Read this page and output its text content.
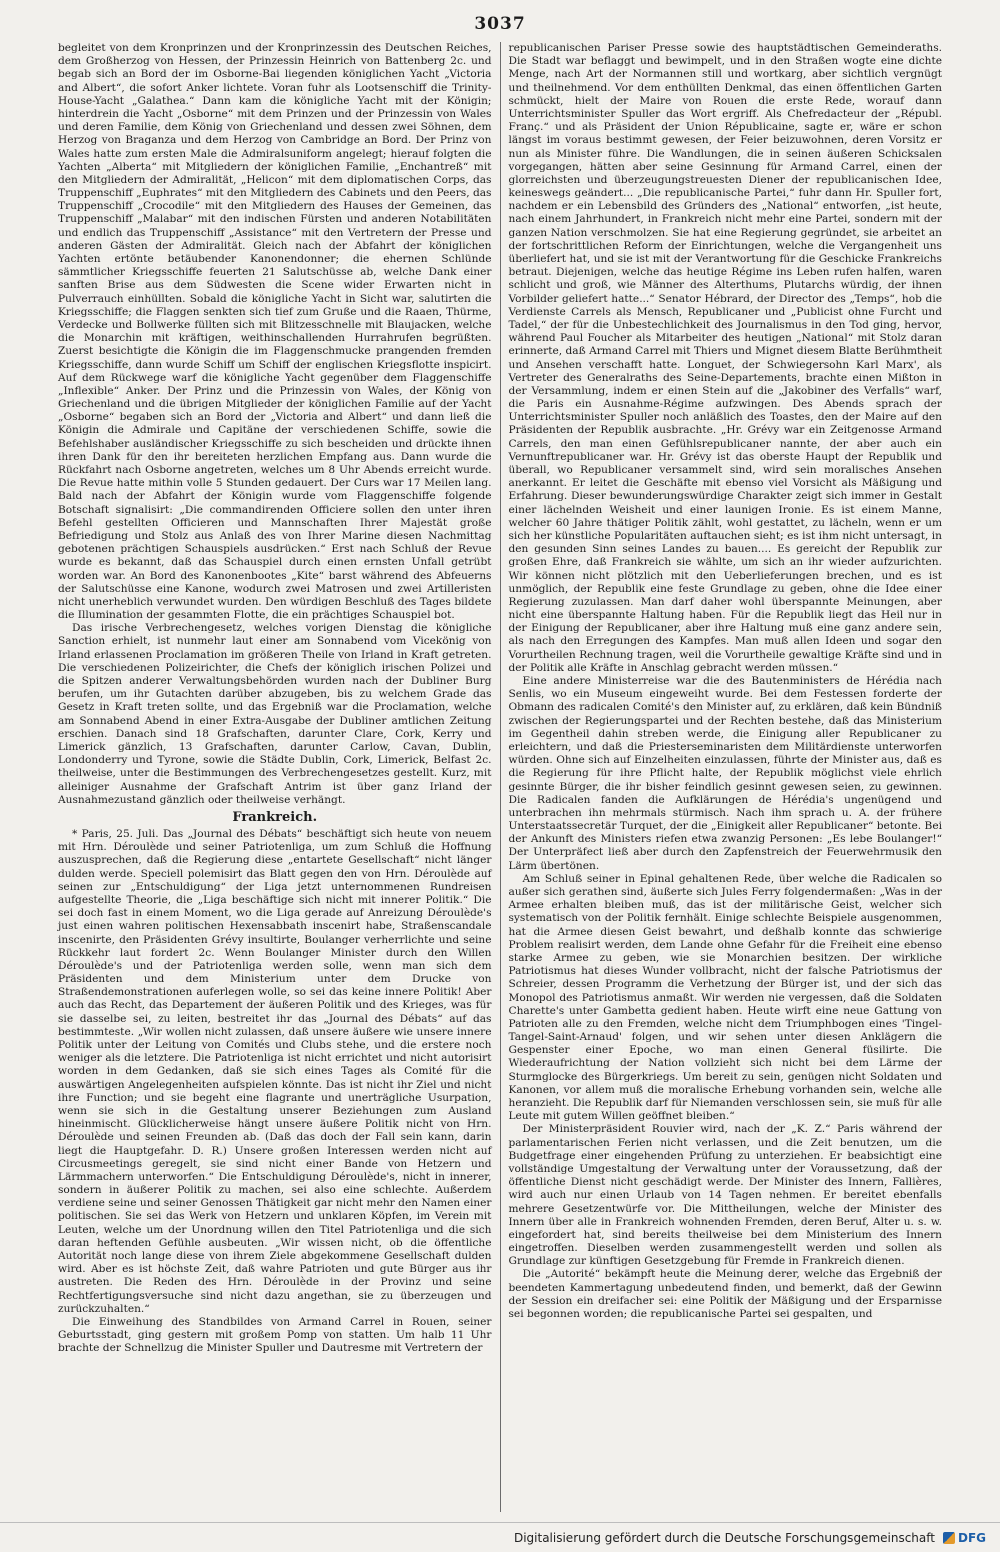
3037

begleitet von dem Kronprinzen und der Kronprinzessin des Deutschen Reiches, dem Großherzog von Hessen, der Prinzessin Heinrich von Battenberg 2c. und begab sich an Bord der im Osborne-Bai liegenden königlichen Yacht „Victoria and Albert“, die sofort Anker lichtete. Voran fuhr als Lootsenschiff die Trinity-House-Yacht „Galathea.“ Dann kam die königliche Yacht mit der Königin; hinterdrein die Yacht „Osborne“ mit dem Prinzen und der Prinzessin von Wales und deren Familie, dem König von Griechenland und dessen zwei Söhnen, dem Herzog von Braganza und dem Herzog von Cambridge an Bord. Der Prinz von Wales hatte zum ersten Male die Admiralsuniform angelegt; hierauf folgten die Yachten „Alberta“ mit Mitgliedern der königlichen Familie, „Enchantreß“ mit den Mitgliedern der Admiralität, „Helicon“ mit dem diplomatischen Corps, das Truppenschiff „Euphrates“ mit den Mitgliedern des Cabinets und den Peers, das Truppenschiff „Crocodile“ mit den Mitgliedern des Hauses der Gemeinen, das Truppenschiff „Malabar“ mit den indischen Fürsten und anderen Notabilitäten und endlich das Truppenschiff „Assistance“ mit den Vertretern der Presse und anderen Gästen der Admiralität. Gleich nach der Abfahrt der königlichen Yachten ertönte betäubender Kanonendonner; die ehernen Schlünde sämmtlicher Kriegsschiffe feuerten 21 Salutschüsse ab, welche Dank einer sanften Brise aus dem Südwesten die Scene wider Erwarten nicht in Pulverrauch einhüllten. Sobald die königliche Yacht in Sicht war, salutirten die Kriegsschiffe; die Flaggen senkten sich tief zum Gruße und die Raaen, Thürme, Verdecke und Bollwerke füllten sich mit Blitzesschnelle mit Blaujacken, welche die Monarchin mit kräftigen, weithinschallenden Hurrahrufen begrüßten. Zuerst besichtigte die Königin die im Flaggenschmucke prangenden fremden Kriegsschiffe, dann wurde Schiff um Schiff der englischen Kriegsflotte inspicirt. Auf dem Rückwege warf die königliche Yacht gegenüber dem Flaggenschiffe „Inflexible“ Anker. Der Prinz und die Prinzessin von Wales, der König von Griechenland und die übrigen Mitglieder der königlichen Familie auf der Yacht „Osborne“ begaben sich an Bord der „Victoria and Albert“ und dann ließ die Königin die Admirale und Capitäne der verschiedenen Schiffe, sowie die Befehlshaber ausländischer Kriegsschiffe zu sich bescheiden und drückte ihnen ihren Dank für den ihr bereiteten herzlichen Empfang aus. Dann wurde die Rückfahrt nach Osborne angetreten, welches um 8 Uhr Abends erreicht wurde. Die Revue hatte mithin volle 5 Stunden gedauert. Der Curs war 17 Meilen lang. Bald nach der Abfahrt der Königin wurde vom Flaggenschiffe folgende Botschaft signalisirt: „Die commandirenden Officiere sollen den unter ihren Befehl gestellten Officieren und Mannschaften Ihrer Majestät große Befriedigung und Stolz aus Anlaß des von Ihrer Marine diesen Nachmittag gebotenen prächtigen Schauspiels ausdrücken.“ Erst nach Schluß der Revue wurde es bekannt, daß das Schauspiel durch einen ernsten Unfall getrübt worden war. An Bord des Kanonenbootes „Kite“ barst während des Abfeuerns der Salutschüsse eine Kanone, wodurch zwei Matrosen und zwei Artilleristen nicht unerheblich verwundet wurden. Den würdigen Beschluß des Tages bildete die Illumination der gesammten Flotte, die ein prächtiges Schauspiel bot.

Das irische Verbrechengesetz, welches vorigen Dienstag die königliche Sanction erhielt, ist nunmehr laut einer am Sonnabend vom Vicekönig von Irland erlassenen Proclamation im größeren Theile von Irland in Kraft getreten. Die verschiedenen Polizeirichter, die Chefs der königlich irischen Polizei und die Spitzen anderer Verwaltungsbehörden wurden nach der Dubliner Burg berufen, um ihr Gutachten darüber abzugeben, bis zu welchem Grade das Gesetz in Kraft treten sollte, und das Ergebniß war die Proclamation, welche am Sonnabend Abend in einer Extra-Ausgabe der Dubliner amtlichen Zeitung erschien. Danach sind 18 Grafschaften, darunter Clare, Cork, Kerry und Limerick gänzlich, 13 Grafschaften, darunter Carlow, Cavan, Dublin, Londonderry und Tyrone, sowie die Städte Dublin, Cork, Limerick, Belfast 2c. theilweise, unter die Bestimmungen des Verbrechengesetzes gestellt. Kurz, mit alleiniger Ausnahme der Grafschaft Antrim ist über ganz Irland der Ausnahmezustand gänzlich oder theilweise verhängt.

Frankreich.

* Paris, 25. Juli. Das „Journal des Débats“ beschäftigt sich heute von neuem mit Hrn. Déroulède und seiner Patriotenliga, um zum Schluß die Hoffnung auszusprechen, daß die Regierung diese „entartete Gesellschaft“ nicht länger dulden werde. Speciell polemisirt das Blatt gegen den von Hrn. Déroulède auf seinen zur „Entschuldigung“ der Liga jetzt unternommenen Rundreisen aufgestellte Theorie, die „Liga beschäftige sich nicht mit innerer Politik.“ Die sei doch fast in einem Moment, wo die Liga gerade auf Anreizung Déroulède's just einen wahren politischen Hexensabbath inscenirt habe, Straßenscandale inscenirte, den Präsidenten Grévy insultirte, Boulanger verherrlichte und seine Rückkehr laut fordert 2c. Wenn Boulanger Minister durch den Willen Déroulède's und der Patriotenliga werden solle, wenn man sich dem Präsidenten und dem Ministerium unter dem Drucke von Straßendemonstrationen auferlegen wolle, so sei das keine innere Politik! Aber auch das Recht, das Departement der äußeren Politik und des Krieges, was für sie dasselbe sei, zu leiten, bestreitet ihr das „Journal des Débats“ auf das bestimmteste. „Wir wollen nicht zulassen, daß unsere äußere wie unsere innere Politik unter der Leitung von Comités und Clubs stehe, und die erstere noch weniger als die letztere. Die Patriotenliga ist nicht errichtet und nicht autorisirt worden in dem Gedanken, daß sie sich eines Tages als Comité für die auswärtigen Angelegenheiten aufspielen könnte. Das ist nicht ihr Ziel und nicht ihre Function; und sie begeht eine flagrante und unerträgliche Usurpation, wenn sie sich in die Gestaltung unserer Beziehungen zum Ausland hineinmischt. Glücklicherweise hängt unsere äußere Politik nicht von Hrn. Déroulède und seinen Freunden ab. (Daß das doch der Fall sein kann, darin liegt die Hauptgefahr. D. R.) Unsere großen Interessen werden nicht auf Circusmeetings geregelt, sie sind nicht einer Bande von Hetzern und Lärmmachern unterworfen.“ Die Entschuldigung Déroulède's, nicht in innerer, sondern in äußerer Politik zu machen, sei also eine schlechte. Außerdem verdiene seine und seiner Genossen Thätigkeit gar nicht mehr den Namen einer politischen. Sie sei das Werk von Hetzern und unklaren Köpfen, im Verein mit Leuten, welche um der Unordnung willen den Titel Patriotenliga und die sich daran heftenden Gefühle ausbeuten. „Wir wissen nicht, ob die öffentliche Autorität noch lange diese von ihrem Ziele abgekommene Gesellschaft dulden wird. Aber es ist höchste Zeit, daß wahre Patrioten und gute Bürger aus ihr austreten. Die Reden des Hrn. Déroulède in der Provinz und seine Rechtfertigungsversuche sind nicht dazu angethan, sie zu überzeugen und zurückzuhalten.“

Die Einweihung des Standbildes von Armand Carrel in Rouen, seiner Geburtsstadt, ging gestern mit großem Pomp von statten. Um halb 11 Uhr brachte der Schnellzug die Minister Spuller und Dautresme mit Vertretern der

republicanischen Pariser Presse sowie des hauptstädtischen Gemeinderaths. Die Stadt war beflaggt und bewimpelt, und in den Straßen wogte eine dichte Menge, nach Art der Normannen still und wortkarg, aber sichtlich vergnügt und theilnehmend. Vor dem enthüllten Denkmal, das einen öffentlichen Garten schmückt, hielt der Maire von Rouen die erste Rede, worauf dann Unterrichtsminister Spuller das Wort ergriff. Als Chefredacteur der „Républ. Franç.“ und als Präsident der Union Républicaine, sagte er, wäre er schon längst im voraus bestimmt gewesen, der Feier beizuwohnen, deren Vorsitz er nun als Minister führe. Die Wandlungen, die in seinen äußeren Schicksalen vorgegangen, hätten aber seine Gesinnung für Armand Carrel, einen der glorreichsten und überzeugungstreuesten Diener der republicanischen Idee, keineswegs geändert... „Die republicanische Partei,“ fuhr dann Hr. Spuller fort, nachdem er ein Lebensbild des Gründers des „National“ entworfen, „ist heute, nach einem Jahrhundert, in Frankreich nicht mehr eine Partei, sondern mit der ganzen Nation verschmolzen. Sie hat eine Regierung gegründet, sie arbeitet an der fortschrittlichen Reform der Einrichtungen, welche die Vergangenheit uns überliefert hat, und sie ist mit der Verantwortung für die Geschicke Frankreichs betraut. Diejenigen, welche das heutige Régime ins Leben rufen halfen, waren schlicht und groß, wie Männer des Alterthums, Plutarchs würdig, der ihnen Vorbilder geliefert hatte...“ Senator Hébrard, der Director des „Temps“, hob die Verdienste Carrels als Mensch, Republicaner und „Publicist ohne Furcht und Tadel,“ der für die Unbestechlichkeit des Journalismus in den Tod ging, hervor, während Paul Foucher als Mitarbeiter des heutigen „National“ mit Stolz daran erinnerte, daß Armand Carrel mit Thiers und Mignet diesem Blatte Berühmtheit und Ansehen verschafft hatte. Longuet, der Schwiegersohn Karl Marx', als Vertreter des Generalraths des Seine-Departements, brachte einen Mißton in der Versammlung, indem er einen Stein auf die „Jakobiner des Verfalls“ warf, die Paris ein Ausnahme-Régime aufzwingen. Des Abends sprach der Unterrichtsminister Spuller noch anläßlich des Toastes, den der Maire auf den Präsidenten der Republik ausbrachte. „Hr. Grévy war ein Zeitgenosse Armand Carrels, den man einen Gefühlsrepublicaner nannte, der aber auch ein Vernunftrepublicaner war. Hr. Grévy ist das oberste Haupt der Republik und überall, wo Republicaner versammelt sind, wird sein moralisches Ansehen anerkannt. Er leitet die Geschäfte mit ebenso viel Vorsicht als Mäßigung und Erfahrung. Dieser bewunderungswürdige Charakter zeigt sich immer in Gestalt einer lächelnden Weisheit und einer launigen Ironie. Es ist einem Manne, welcher 60 Jahre thätiger Politik zählt, wohl gestattet, zu lächeln, wenn er um sich her künstliche Popularitäten auftauchen sieht; es ist ihm nicht untersagt, in den gesunden Sinn seines Landes zu bauen.... Es gereicht der Republik zur großen Ehre, daß Frankreich sie wählte, um sich an ihr wieder aufzurichten. Wir können nicht plötzlich mit den Ueberlieferungen brechen, und es ist unmöglich, der Republik eine feste Grundlage zu geben, ohne die Idee einer Regierung zuzulassen. Man darf daher wohl überspannte Meinungen, aber nicht eine überspannte Haltung haben. Für die Republik liegt das Heil nur in der Einigung der Republicaner, aber ihre Haltung muß eine ganz andere sein, als nach den Erregungen des Kampfes. Man muß allen Ideen und sogar den Vorurtheilen Rechnung tragen, weil die Vorurtheile gewaltige Kräfte sind und in der Politik alle Kräfte in Anschlag gebracht werden müssen.“

Eine andere Ministerreise war die des Bautenministers de Hérédia nach Senlis, wo ein Museum eingeweiht wurde. Bei dem Festessen forderte der Obmann des radicalen Comité's den Minister auf, zu erklären, daß kein Bündniß zwischen der Regierungspartei und der Rechten bestehe, daß das Ministerium im Gegentheil dahin streben werde, die Einigung aller Republicaner zu erleichtern, und daß die Priesterseminaristen dem Militärdienste unterworfen würden. Ohne sich auf Einzelheiten einzulassen, führte der Minister aus, daß es die Regierung für ihre Pflicht halte, der Republik möglichst viele ehrlich gesinnte Bürger, die ihr bisher feindlich gesinnt gewesen seien, zu gewinnen. Die Radicalen fanden die Aufklärungen de Hérédia's ungenügend und unterbrachen ihn mehrmals stürmisch. Nach ihm sprach u. A. der frühere Unterstaatssecretär Turquet, der die „Einigkeit aller Republicaner“ betonte. Bei der Ankunft des Ministers riefen etwa zwanzig Personen: „Es lebe Boulanger!“ Der Unterpräfect ließ aber durch den Zapfenstreich der Feuerwehrmusik den Lärm übertönen.

Am Schluß seiner in Epinal gehaltenen Rede, über welche die Radicalen so außer sich gerathen sind, äußerte sich Jules Ferry folgendermaßen: „Was in der Armee erhalten bleiben muß, das ist der militärische Geist, welcher sich systematisch von der Politik fernhält. Einige schlechte Beispiele ausgenommen, hat die Armee diesen Geist bewahrt, und deßhalb konnte das schwierige Problem realisirt werden, dem Lande ohne Gefahr für die Freiheit eine ebenso starke Armee zu geben, wie sie Monarchien besitzen. Der wirkliche Patriotismus hat dieses Wunder vollbracht, nicht der falsche Patriotismus der Schreier, dessen Programm die Verhetzung der Bürger ist, und der sich das Monopol des Patriotismus anmaßt. Wir werden nie vergessen, daß die Soldaten Charette's unter Gambetta gedient haben. Heute wirft eine neue Gattung von Patrioten alle zu den Fremden, welche nicht dem Triumphbogen eines 'Tingel-Tangel-Saint-Arnaud' folgen, und wir sehen unter diesen Anklägern die Gespenster einer Epoche, wo man einen General füsilirte. Die Wiederaufrichtung der Nation vollzieht sich nicht bei dem Lärme der Sturmglocke des Bürgerkriegs. Um bereit zu sein, genügen nicht Soldaten und Kanonen, vor allem muß die moralische Erhebung vorhanden sein, welche alle heranzieht. Die Republik darf für Niemanden verschlossen sein, sie muß für alle Leute mit gutem Willen geöffnet bleiben.“

Der Ministerpräsident Rouvier wird, nach der „K. Z.“ Paris während der parlamentarischen Ferien nicht verlassen, und die Zeit benutzen, um die Budgetfrage einer eingehenden Prüfung zu unterziehen. Er beabsichtigt eine vollständige Umgestaltung der Verwaltung unter der Voraussetzung, daß der öffentliche Dienst nicht geschädigt werde. Der Minister des Innern, Fallières, wird auch nur einen Urlaub von 14 Tagen nehmen. Er bereitet ebenfalls mehrere Gesetzentwürfe vor. Die Mittheilungen, welche der Minister des Innern über alle in Frankreich wohnenden Fremden, deren Beruf, Alter u. s. w. eingefordert hat, sind bereits theilweise bei dem Ministerium des Innern eingetroffen. Dieselben werden zusammengestellt werden und sollen als Grundlage zur künftigen Gesetzgebung für Fremde in Frankreich dienen.

Die „Autorité“ bekämpft heute die Meinung derer, welche das Ergebniß der beendeten Kammertagung unbedeutend finden, und bemerkt, daß der Gewinn der Session ein dreifacher sei: eine Politik der Mäßigung und der Ersparnisse sei begonnen worden; die republicanische Partei sei gespalten, und

Digitalisierung gefördert durch die Deutsche Forschungsgemeinschaft DFG
